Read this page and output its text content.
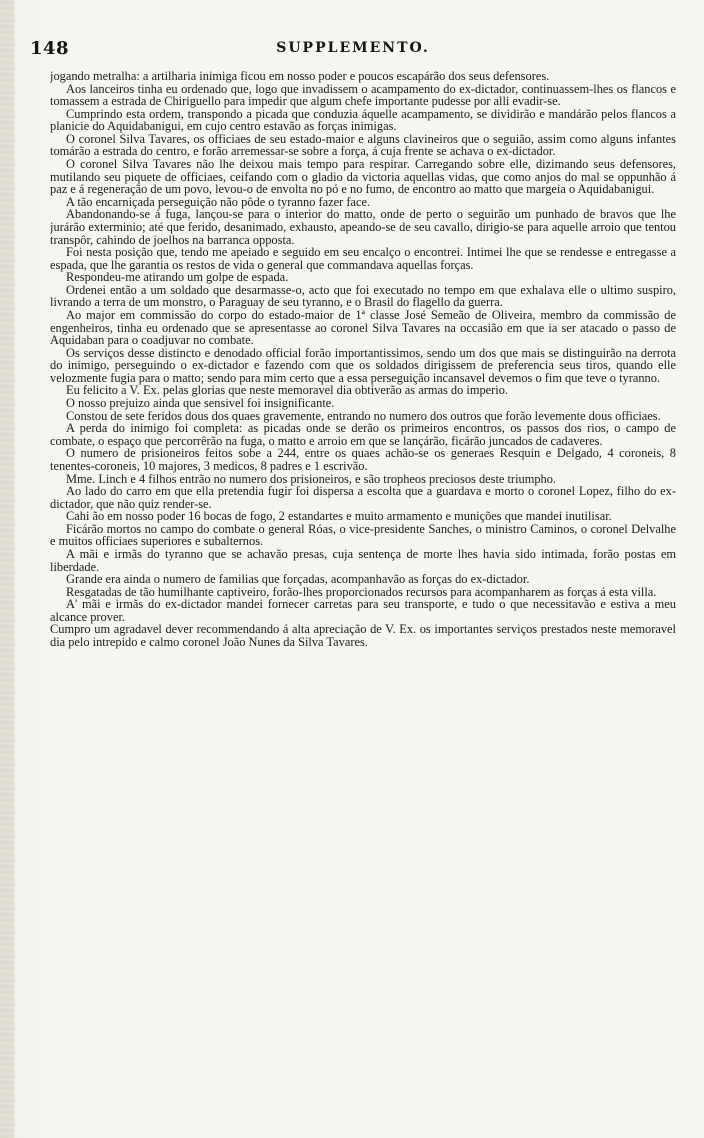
148	SUPPLEMENTO.

jogando metralha: a artilharia inimiga ficou em nosso poder e poucos escapárão dos seus defensores.

Aos lanceiros tinha eu ordenado que, logo que invadissem o acampamento do ex-dictador, continuassem-lhes os flancos e tomassem a estrada de Chiriguello para impedir que algum chefe importante pudesse por alli evadir-se.

Cumprindo esta ordem, transpondo a picada que conduzia áquelle acampamento, se dividirão e mandárão pelos flancos a planicie do Aquidabanigui, em cujo centro estavão as forças inimigas.

O coronel Silva Tavares, os officiaes de seu estado-maior e alguns clavineiros que o seguião, assim como alguns infantes tomárão a estrada do centro, e forão arremessar-se sobre a força, á cuja frente se achava o ex-dictador.

O coronel Silva Tavares não lhe deixou mais tempo para respirar. Carregando sobre elle, dizimando seus defensores, mutilando seu piquete de officiaes, ceifando com o gladio da victoria aquellas vidas, que como anjos do mal se oppunhão á paz e á regeneração de um povo, levou-o de envolta no pó e no fumo, de encontro ao matto que margeia o Aquidabanigui.

A tão encarniçada perseguição não pôde o tyranno fazer face.

Abandonando-se á fuga, lançou-se para o interior do matto, onde de perto o seguirão um punhado de bravos que lhe jurárão exterminio; até que ferido, desanimado, exhausto, apeando-se de seu cavallo, dirigio-se para aquelle arroio que tentou transpôr, cahindo de joelhos na barranca opposta.

Foi nesta posição que, tendo me apeiado e seguido em seu encalço o encontrei. Intimei lhe que se rendesse e entregasse a espada, que lhe garantia os restos de vida o general que commandava aquellas forças.

Respondeu-me atirando um golpe de espada.

Ordenei então a um soldado que desarmasse-o, acto que foi executado no tempo em que exhalava elle o ultimo suspiro, livrando a terra de um monstro, o Paraguay de seu tyranno, e o Brasil do flagello da guerra.

Ao major em commissão do corpo do estado-maior de 1ª classe José Semeão de Oliveira, membro da commissão de engenheiros, tinha eu ordenado que se apresentasse ao coronel Silva Tavares na occasião em que ia ser atacado o passo de Aquidaban para o coadjuvar no combate.

Os serviços desse distincto e denodado official forão importantissimos, sendo um dos que mais se distinguirão na derrota do inimigo, perseguindo o ex-dictador e fazendo com que os soldados dirigissem de preferencia seus tiros, quando elle velozmente fugia para o matto; sendo para mim certo que a essa perseguição incansavel devemos o fim que teve o tyranno.

Eu felicito a V. Ex. pelas glorias que neste memoravel dia obtiverão as armas do imperio.

O nosso prejuizo ainda que sensivel foi insignificante.

Constou de sete feridos dous dos quaes gravemente, entrando no numero dos outros que forão levemente dous officiaes.

A perda do inimigo foi completa: as picadas onde se derão os primeiros encontros, os passos dos rios, o campo de combate, o espaço que percorrêrão na fuga, o matto e arroio em que se lançárão, ficárão juncados de cadaveres.

O numero de prisioneiros feitos sobe a 244, entre os quaes achão-se os generaes Resquin e Delgado, 4 coroneis, 8 tenentes-coroneis, 10 majores, 3 medicos, 8 padres e 1 escrivão.

Mme. Linch e 4 filhos entrão no numero dos prisioneiros, e são tropheos preciosos deste triumpho.

Ao lado do carro em que ella pretendia fugir foi dispersa a escolta que a guardava e morto o coronel Lopez, filho do ex-dictador, que não quiz render-se.

Cahi ão em nosso poder 16 bocas de fogo, 2 estandartes e muito armamento e munições que mandei inutilisar.

Ficárão mortos no campo do combate o general Róas, o vice-presidente Sanches, o ministro Caminos, o coronel Delvalhe e muitos officiaes superiores e subalternos.

A mãi e irmãs do tyranno que se achavão presas, cuja sentença de morte lhes havia sido intimada, forão postas em liberdade.

Grande era ainda o numero de familias que forçadas, acompanhavão as forças do ex-dictador.

Resgatadas de tão humilhante captiveiro, forão-lhes proporcionados recursos para acompanharem as forças á esta villa.

A' mãi e irmãs do ex-dictador mandei fornecer carretas para seu transporte, e tudo o que necessitavão e estiva a meu alcance prover.

Cumpro um agradavel dever recommendando á alta apreciação de V. Ex. os importantes serviços prestados neste memoravel dia pelo intrepido e calmo coronel João Nunes da Silva Tavares.
